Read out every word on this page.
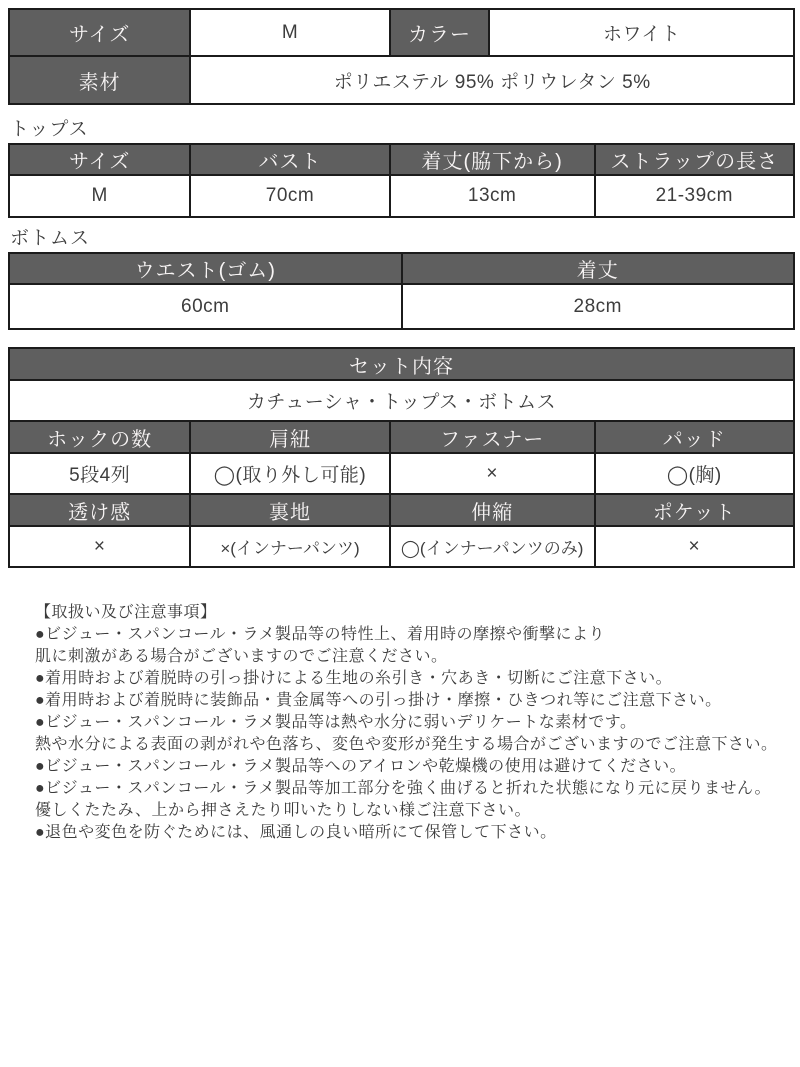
サイズ	M	カラー	ホワイト
素材	ポリエステル 95% ポリウレタン 5%		
トップス
サイズ	バスト	着丈(脇下から)	ストラップの長さ
M	70cm	13cm	21-39cm
ボトムス
ウエスト(ゴム)	着丈
60cm	28cm
セット内容			
カチューシャ・トップス・ボトムス			
ホックの数	肩紐	ファスナー	パッド
5段4列	◯(取り外し可能)	×	◯(胸)
透け感	裏地	伸縮	ポケット
×	×(インナーパンツ)	◯(インナーパンツのみ)	×
【取扱い及び注意事項】
●ビジュー・スパンコール・ラメ製品等の特性上、着用時の摩擦や衝撃により
肌に刺激がある場合がございますのでご注意ください。
●着用時および着脱時の引っ掛けによる生地の糸引き・穴あき・切断にご注意下さい。
●着用時および着脱時に装飾品・貴金属等への引っ掛け・摩擦・ひきつれ等にご注意下さい。
●ビジュー・スパンコール・ラメ製品等は熱や水分に弱いデリケートな素材です。
熱や水分による表面の剥がれや色落ち、変色や変形が発生する場合がございますのでご注意下さい。
●ビジュー・スパンコール・ラメ製品等へのアイロンや乾燥機の使用は避けてください。
●ビジュー・スパンコール・ラメ製品等加工部分を強く曲げると折れた状態になり元に戻りません。
優しくたたみ、上から押さえたり叩いたりしない様ご注意下さい。
●退色や変色を防ぐためには、風通しの良い暗所にて保管して下さい。
